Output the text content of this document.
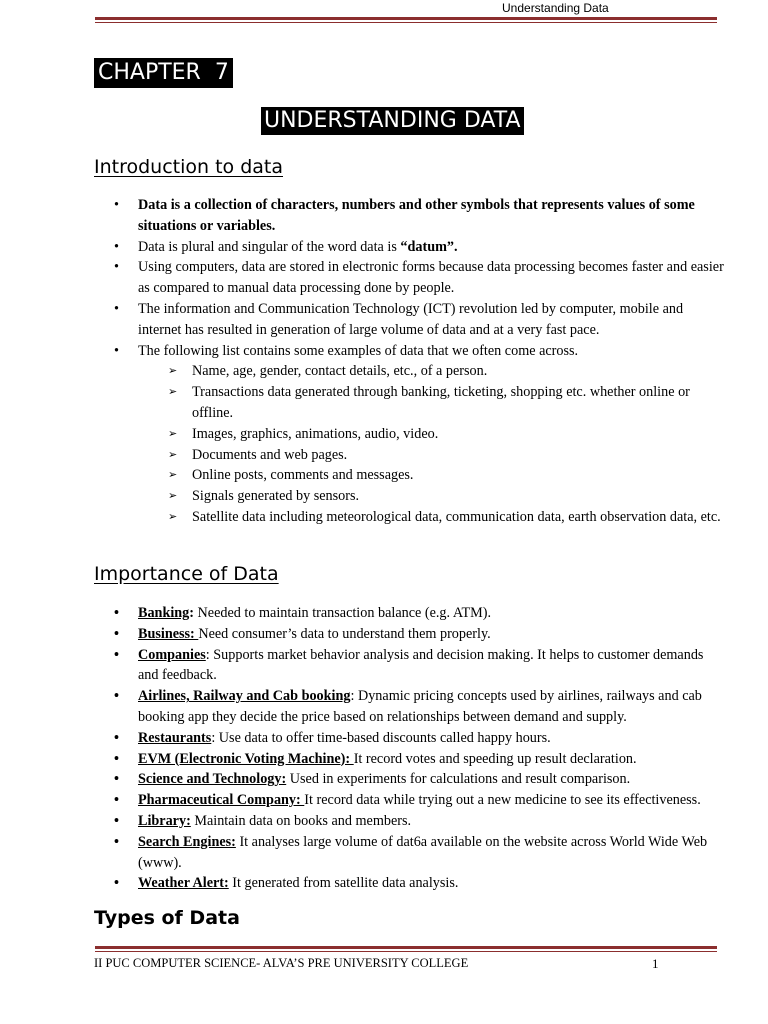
Understanding Data
CHAPTER  7
UNDERSTANDING DATA
Introduction to data
• Data is a collection of characters, numbers and other symbols that represents values of some situations or variables.
• Data is plural and singular of the word data is “datum”.
• Using computers, data are stored in electronic forms because data processing becomes faster and easier as compared to manual data processing done by people.
• The information and Communication Technology (ICT) revolution led by computer, mobile and internet has resulted in generation of large volume of data and at a very fast pace.
• The following list contains some examples of data that we often come across.
➢ Name, age, gender, contact details, etc., of a person.
➢ Transactions data generated through banking, ticketing, shopping etc. whether online or offline.
➢ Images, graphics, animations, audio, video.
➢ Documents and web pages.
➢ Online posts, comments and messages.
➢ Signals generated by sensors.
➢ Satellite data including meteorological data, communication data, earth observation data, etc.
Importance of Data
• Banking: Needed to maintain transaction balance (e.g. ATM).
• Business: Need consumer’s data to understand them properly.
• Companies: Supports market behavior analysis and decision making. It helps to customer demands and feedback.
• Airlines, Railway and Cab booking: Dynamic pricing concepts used by airlines, railways and cab booking app they decide the price based on relationships between demand and supply.
• Restaurants: Use data to offer time-based discounts called happy hours.
• EVM (Electronic Voting Machine): It record votes and speeding up result declaration.
• Science and Technology: Used in experiments for calculations and result comparison.
• Pharmaceutical Company: It record data while trying out a new medicine to see its effectiveness.
• Library: Maintain data on books and members.
• Search Engines: It analyses large volume of dat6a available on the website across World Wide Web (www).
• Weather Alert: It generated from satellite data analysis.
Types of Data
II PUC COMPUTER SCIENCE- ALVA’S PRE UNIVERSITY COLLEGE	1
